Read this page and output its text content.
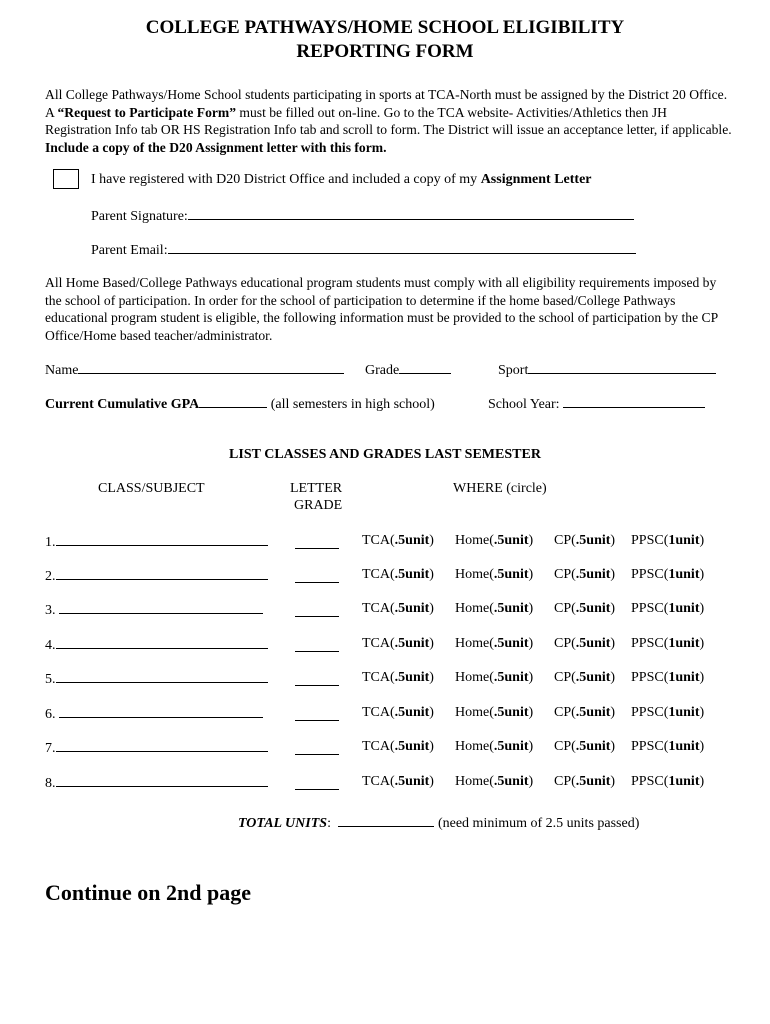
COLLEGE PATHWAYS/HOME SCHOOL ELIGIBILITY
REPORTING FORM
All College Pathways/Home School students participating in sports at TCA-North must be assigned by the District 20 Office. A “Request to Participate Form” must be filled out on-line. Go to the TCA website- Activities/Athletics then JH Registration Info tab OR HS Registration Info tab and scroll to form. The District will issue an acceptance letter, if applicable. Include a copy of the D20 Assignment letter with this form.
I have registered with D20 District Office and included a copy of my Assignment Letter
Parent Signature:
Parent Email:
All Home Based/College Pathways educational program students must comply with all eligibility requirements imposed by the school of participation. In order for the school of participation to determine if the home based/College Pathways educational program student is eligible, the following information must be provided to the school of participation by the CP Office/Home based teacher/administrator.
Name	Grade	Sport
Current Cumulative GPA	(all semesters in high school)	School Year:
LIST CLASSES AND GRADES LAST SEMESTER
CLASS/SUBJECT	LETTER
GRADE
WHERE (circle)
1.	TCA(.5unit) Home(.5unit) CP(.5unit) PPSC(1unit)
2.	TCA(.5unit) Home(.5unit) CP(.5unit) PPSC(1unit)
3.	TCA(.5unit) Home(.5unit) CP(.5unit) PPSC(1unit)
4.	TCA(.5unit) Home(.5unit) CP(.5unit) PPSC(1unit)
5.	TCA(.5unit) Home(.5unit) CP(.5unit) PPSC(1unit)
6.	TCA(.5unit) Home(.5unit) CP(.5unit) PPSC(1unit)
7.	TCA(.5unit) Home(.5unit) CP(.5unit) PPSC(1unit)
8.	TCA(.5unit) Home(.5unit) CP(.5unit) PPSC(1unit)
TOTAL UNITS:	(need minimum of 2.5 units passed)
Continue on 2nd page
